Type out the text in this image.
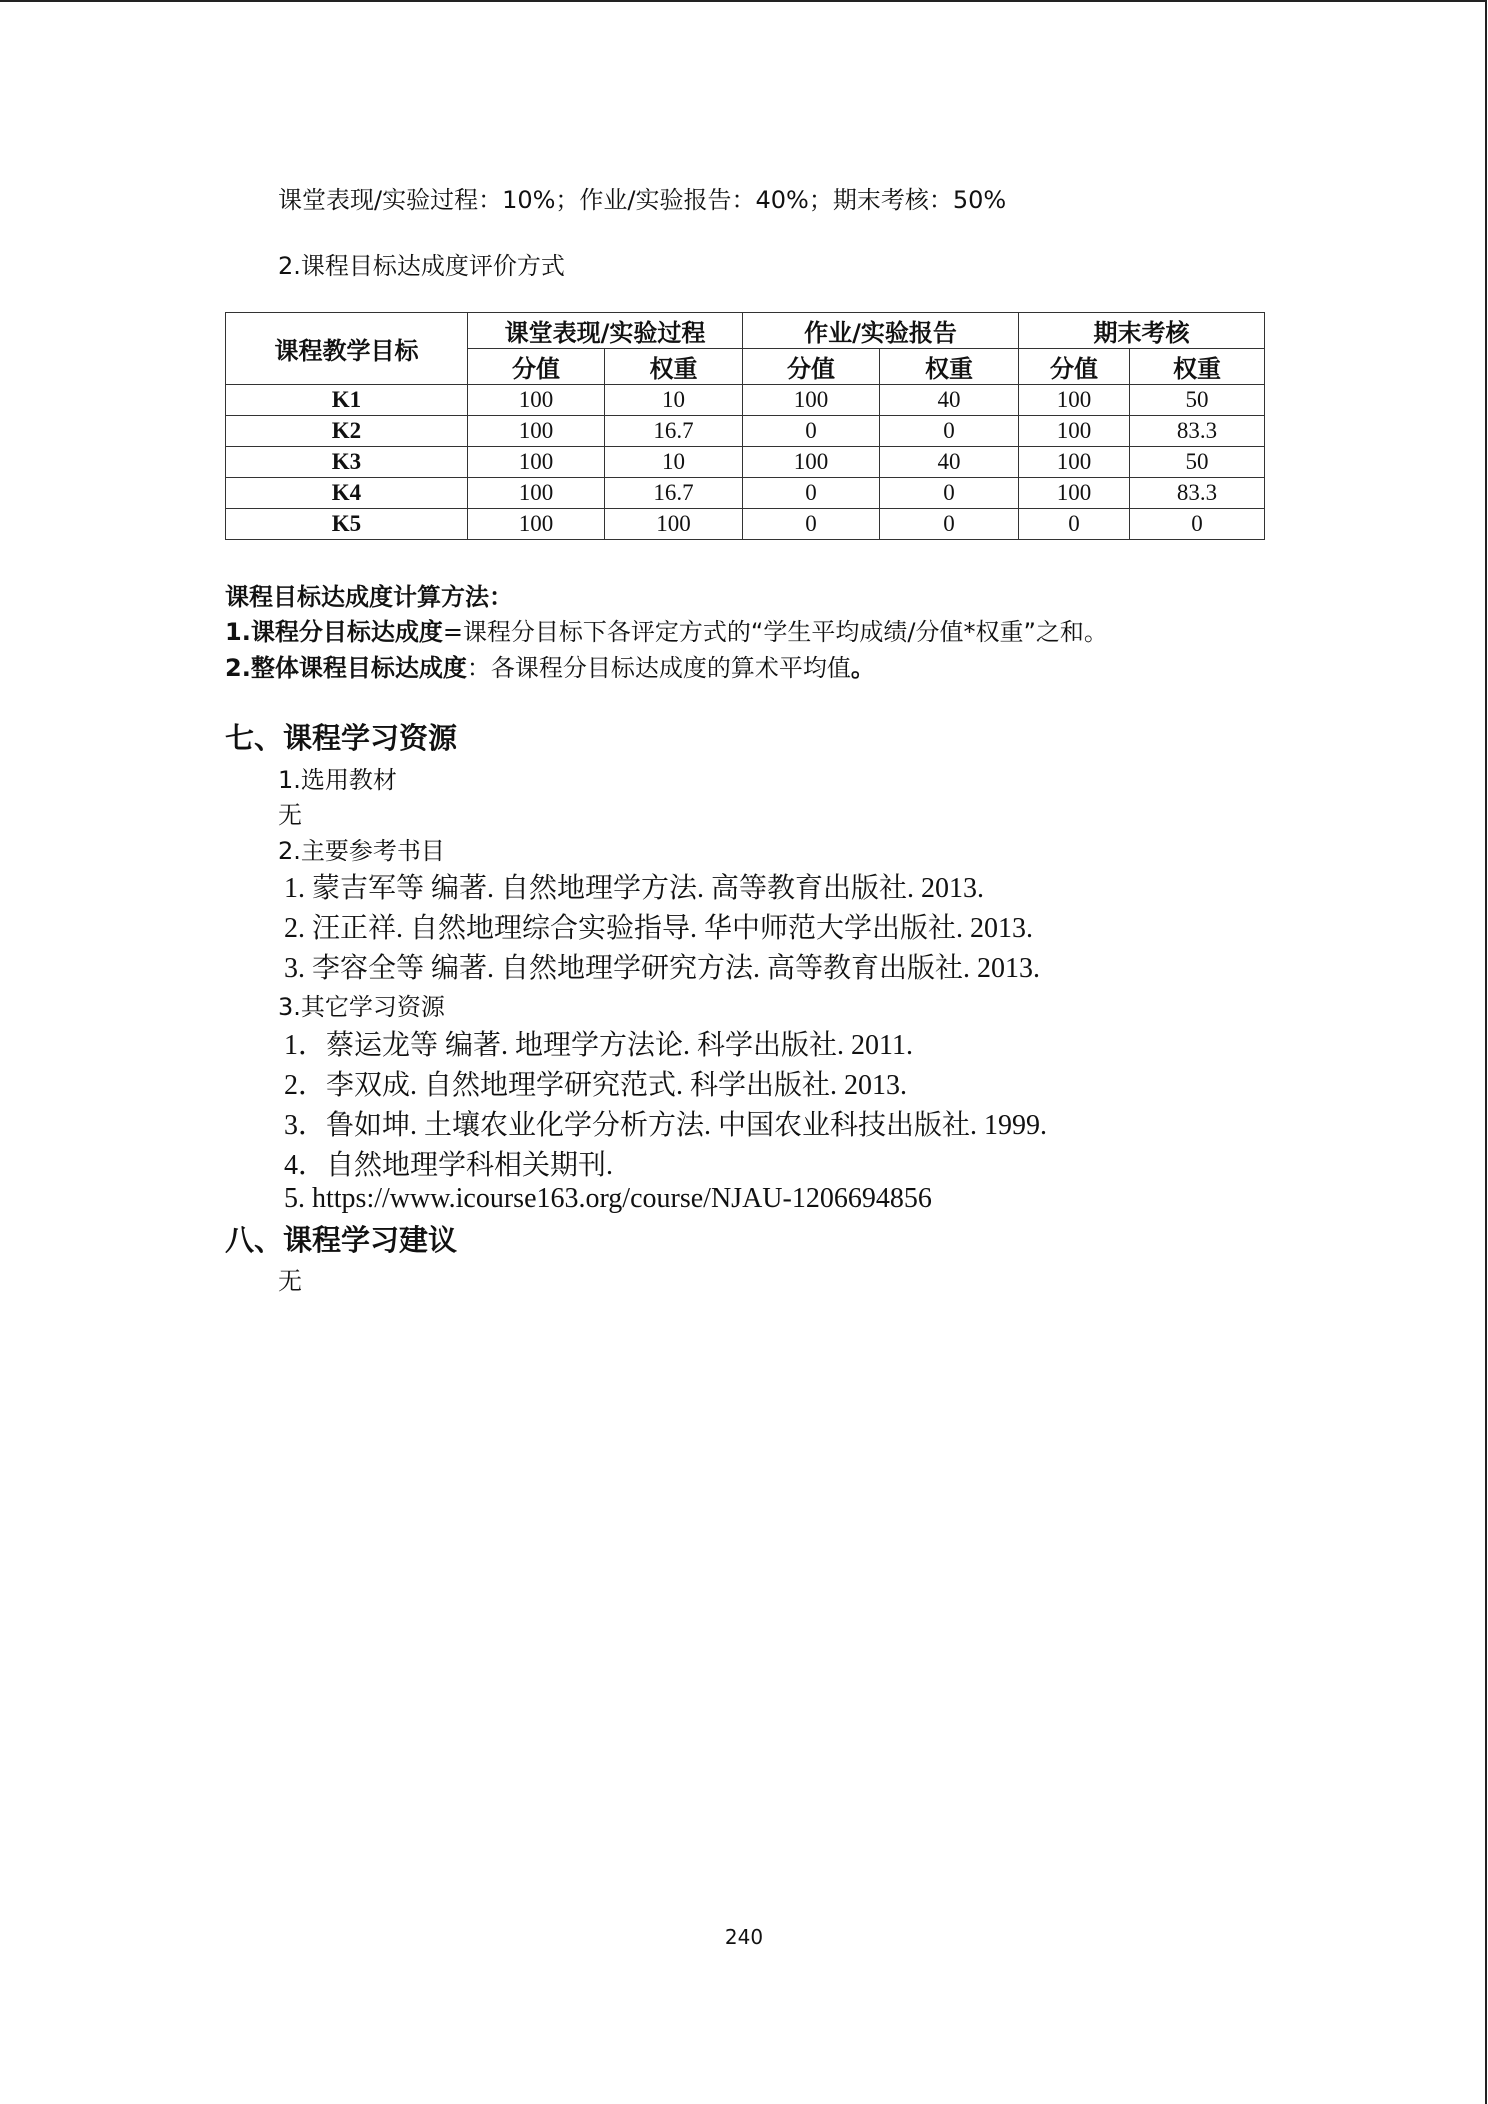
课堂表现/实验过程：10%；作业/实验报告：40%；期末考核：50%
2.课程目标达成度评价方式
课程教学目标	课堂表现/实验过程		作业/实验报告		期末考核	
	分值	权重	分值	权重	分值	权重
K1	100	10	100	40	100	50
K2	100	16.7	0	0	100	83.3
K3	100	10	100	40	100	50
K4	100	16.7	0	0	100	83.3
K5	100	100	0	0	0	0
课程目标达成度计算方法：
1.课程分目标达成度=课程分目标下各评定方式的“学生平均成绩/分值*权重”之和。
2.整体课程目标达成度：各课程分目标达成度的算术平均值。
七、课程学习资源
1.选用教材
无
2.主要参考书目
1. 蒙吉军等 编著. 自然地理学方法. 高等教育出版社. 2013.
2. 汪正祥. 自然地理综合实验指导. 华中师范大学出版社. 2013.
3. 李容全等 编著. 自然地理学研究方法. 高等教育出版社. 2013.
3.其它学习资源
1．蔡运龙等 编著. 地理学方法论. 科学出版社. 2011.
2．李双成. 自然地理学研究范式. 科学出版社. 2013.
3．鲁如坤. 土壤农业化学分析方法. 中国农业科技出版社. 1999.
4．自然地理学科相关期刊.
5. https://www.icourse163.org/course/NJAU-1206694856
八、课程学习建议
无
240
